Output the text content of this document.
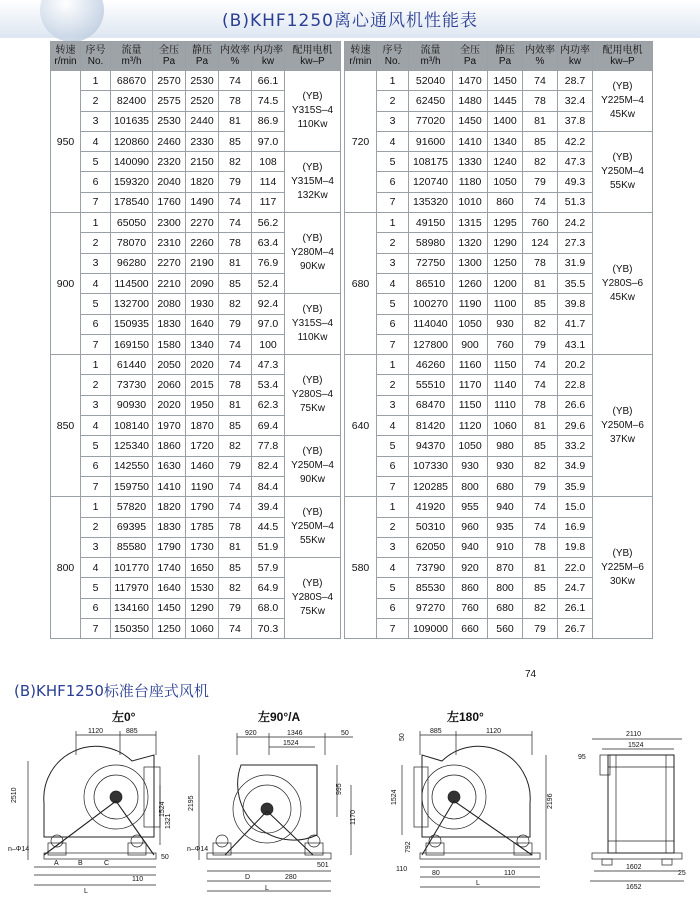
(B)KHF1250离心通风机性能表
转速
r/min	序号
No.	流量
m³/h	全压
Pa	静压
Pa	内效率
%	内功率
kw	配用电机
kw–P
950	1	68670	2570	2530	74	66.1	(YB)
Y315S–4
110Kw

	2	82400	2575	2520	78	74.5	
	3	101635	2530	2440	81	86.9	
	4	120860	2460	2330	85	97.0	
	5	140090	2320	2150	82	108	(YB)
Y315M–4
132Kw

	6	159320	2040	1820	79	114	
	7	178540	1760	1490	74	117	
900	1	65050	2300	2270	74	56.2	(YB)
Y280M–4
90Kw

	2	78070	2310	2260	78	63.4	
	3	96280	2270	2190	81	76.9	
	4	114500	2210	2090	85	52.4	
	5	132700	2080	1930	82	92.4	(YB)
Y315S–4
110Kw

	6	150935	1830	1640	79	97.0	
	7	169150	1580	1340	74	100	
850	1	61440	2050	2020	74	47.3	(YB)
Y280S–4
75Kw

	2	73730	2060	2015	78	53.4	
	3	90930	2020	1950	81	62.3	
	4	108140	1970	1870	85	69.4	
	5	125340	1860	1720	82	77.8	(YB)
Y250M–4
90Kw

	6	142550	1630	1460	79	82.4	
	7	159750	1410	1190	74	84.4	
800	1	57820	1820	1790	74	39.4	(YB)
Y250M–4
55Kw

	2	69395	1830	1785	78	44.5	
	3	85580	1790	1730	81	51.9	
	4	101770	1740	1650	85	57.9	(YB)
Y280S–4
75Kw

	5	117970	1640	1530	82	64.9	
	6	134160	1450	1290	79	68.0	
	7	150350	1250	1060	74	70.3	
转速
r/min	序号
No.	流量
m³/h	全压
Pa	静压
Pa	内效率
%	内功率
kw	配用电机
kw–P
720	1	52040	1470	1450	74	28.7	(YB)
Y225M–4
45Kw

	2	62450	1480	1445	78	32.4	
	3	77020	1450	1400	81	37.8	
	4	91600	1410	1340	85	42.2	(YB)
Y250M–4
55Kw

	5	108175	1330	1240	82	47.3	
	6	120740	1180	1050	79	49.3	
	7	135320	1010	860	74	51.3	
680	1	49150	1315	1295	760	24.2	(YB)
Y280S–6
45Kw

	2	58980	1320	1290	124	27.3	
	3	72750	1300	1250	78	31.9	
	4	86510	1260	1200	81	35.5	
	5	100270	1190	1100	85	39.8	
	6	114040	1050	930	82	41.7	
	7	127800	900	760	79	43.1	
640	1	46260	1160	1150	74	20.2	(YB)
Y250M–6
37Kw

	2	55510	1170	1140	74	22.8	
	3	68470	1150	1110	78	26.6	
	4	81420	1120	1060	81	29.6	
	5	94370	1050	980	85	33.2	
	6	107330	930	930	82	34.9	
	7	120285	800	680	79	35.9	
580	1	41920	955	940	74	15.0	(YB)
Y225M–6
30Kw

	2	50310	960	935	74	16.9	
	3	62050	940	910	78	19.8	
	4	73790	920	870	81	22.0	
	5	85530	860	800	85	24.7	
	6	97270	760	680	82	26.1	
	7	109000	660	560	79	26.7	
74
(B)KHF1250标准台座式风机
左0°	左90°/A	左180°
1120	885
2510
1524
1321
50
A	B	C
110
L
n–Φ14
920	1346	50
1524
2195
995
1170
501
D	280
L
n–Φ14
885	1120
50
1524
792
2196
110
80	110
L
2110
1524
95
1602
1652
25
